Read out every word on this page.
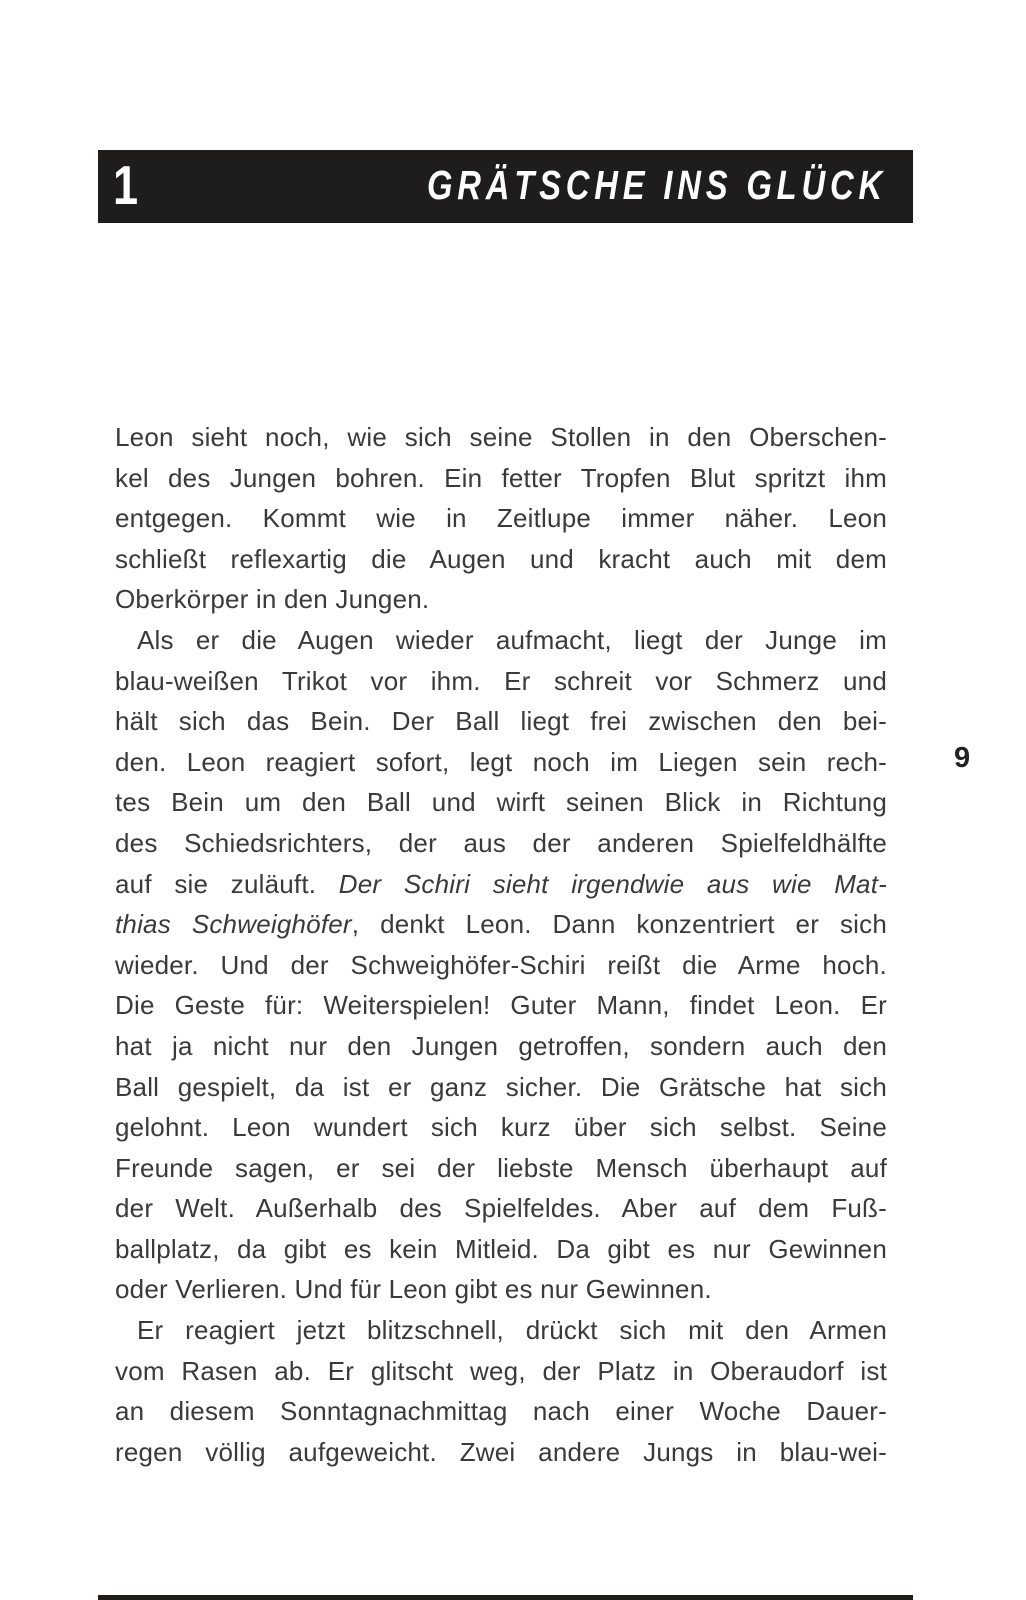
1	GRÄTSCHE INS GLÜCK
Leon sieht noch, wie sich seine Stollen in den Oberschen-
kel des Jungen bohren. Ein fetter Tropfen Blut spritzt ihm
entgegen. Kommt wie in Zeitlupe immer näher. Leon
schließt reflexartig die Augen und kracht auch mit dem
Oberkörper in den Jungen.
Als er die Augen wieder aufmacht, liegt der Junge im
blau-weißen Trikot vor ihm. Er schreit vor Schmerz und
hält sich das Bein. Der Ball liegt frei zwischen den bei-
den. Leon reagiert sofort, legt noch im Liegen sein rech-
tes Bein um den Ball und wirft seinen Blick in Richtung
des Schiedsrichters, der aus der anderen Spielfeldhälfte
auf sie zuläuft. Der Schiri sieht irgendwie aus wie Mat-
thias Schweighöfer, denkt Leon. Dann konzentriert er sich
wieder. Und der Schweighöfer-Schiri reißt die Arme hoch.
Die Geste für: Weiterspielen! Guter Mann, findet Leon. Er
hat ja nicht nur den Jungen getroffen, sondern auch den
Ball gespielt, da ist er ganz sicher. Die Grätsche hat sich
gelohnt. Leon wundert sich kurz über sich selbst. Seine
Freunde sagen, er sei der liebste Mensch überhaupt auf
der Welt. Außerhalb des Spielfeldes. Aber auf dem Fuß-
ballplatz, da gibt es kein Mitleid. Da gibt es nur Gewinnen
oder Verlieren. Und für Leon gibt es nur Gewinnen.
Er reagiert jetzt blitzschnell, drückt sich mit den Armen
vom Rasen ab. Er glitscht weg, der Platz in Oberaudorf ist
an diesem Sonntagnachmittag nach einer Woche Dauer-
regen völlig aufgeweicht. Zwei andere Jungs in blau-wei-
9
